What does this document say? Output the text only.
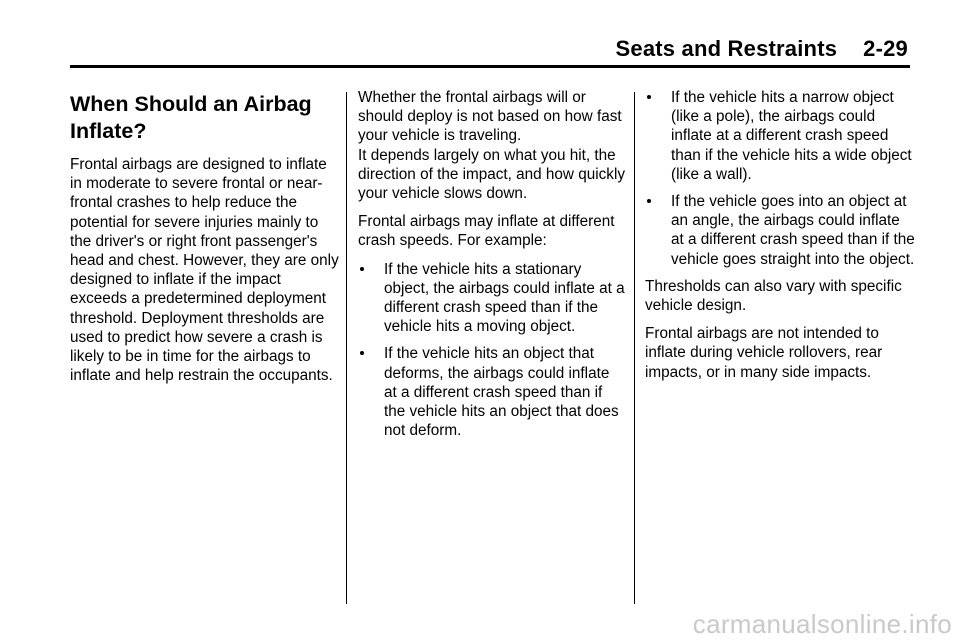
Seats and Restraints 2-29
When Should an Airbag
Inflate?

Frontal airbags are designed to inflate in moderate to severe frontal or near-frontal crashes to help reduce the potential for severe injuries mainly to the driver's or right front passenger's head and chest. However, they are only designed to inflate if the impact exceeds a predetermined deployment threshold. Deployment thresholds are used to predict how severe a crash is likely to be in time for the airbags to inflate and help restrain the occupants.

Whether the frontal airbags will or should deploy is not based on how fast your vehicle is traveling.
It depends largely on what you hit, the direction of the impact, and how quickly your vehicle slows down.

Frontal airbags may inflate at different crash speeds. For example:

If the vehicle hits a stationary object, the airbags could inflate at a different crash speed than if the vehicle hits a moving object.
If the vehicle hits an object that deforms, the airbags could inflate at a different crash speed than if the vehicle hits an object that does not deform.
If the vehicle hits a narrow object (like a pole), the airbags could inflate at a different crash speed than if the vehicle hits a wide object (like a wall).
If the vehicle goes into an object at an angle, the airbags could inflate at a different crash speed than if the vehicle goes straight into the object.

Thresholds can also vary with specific vehicle design.

Frontal airbags are not intended to inflate during vehicle rollovers, rear impacts, or in many side impacts.

carmanualsonline.info
